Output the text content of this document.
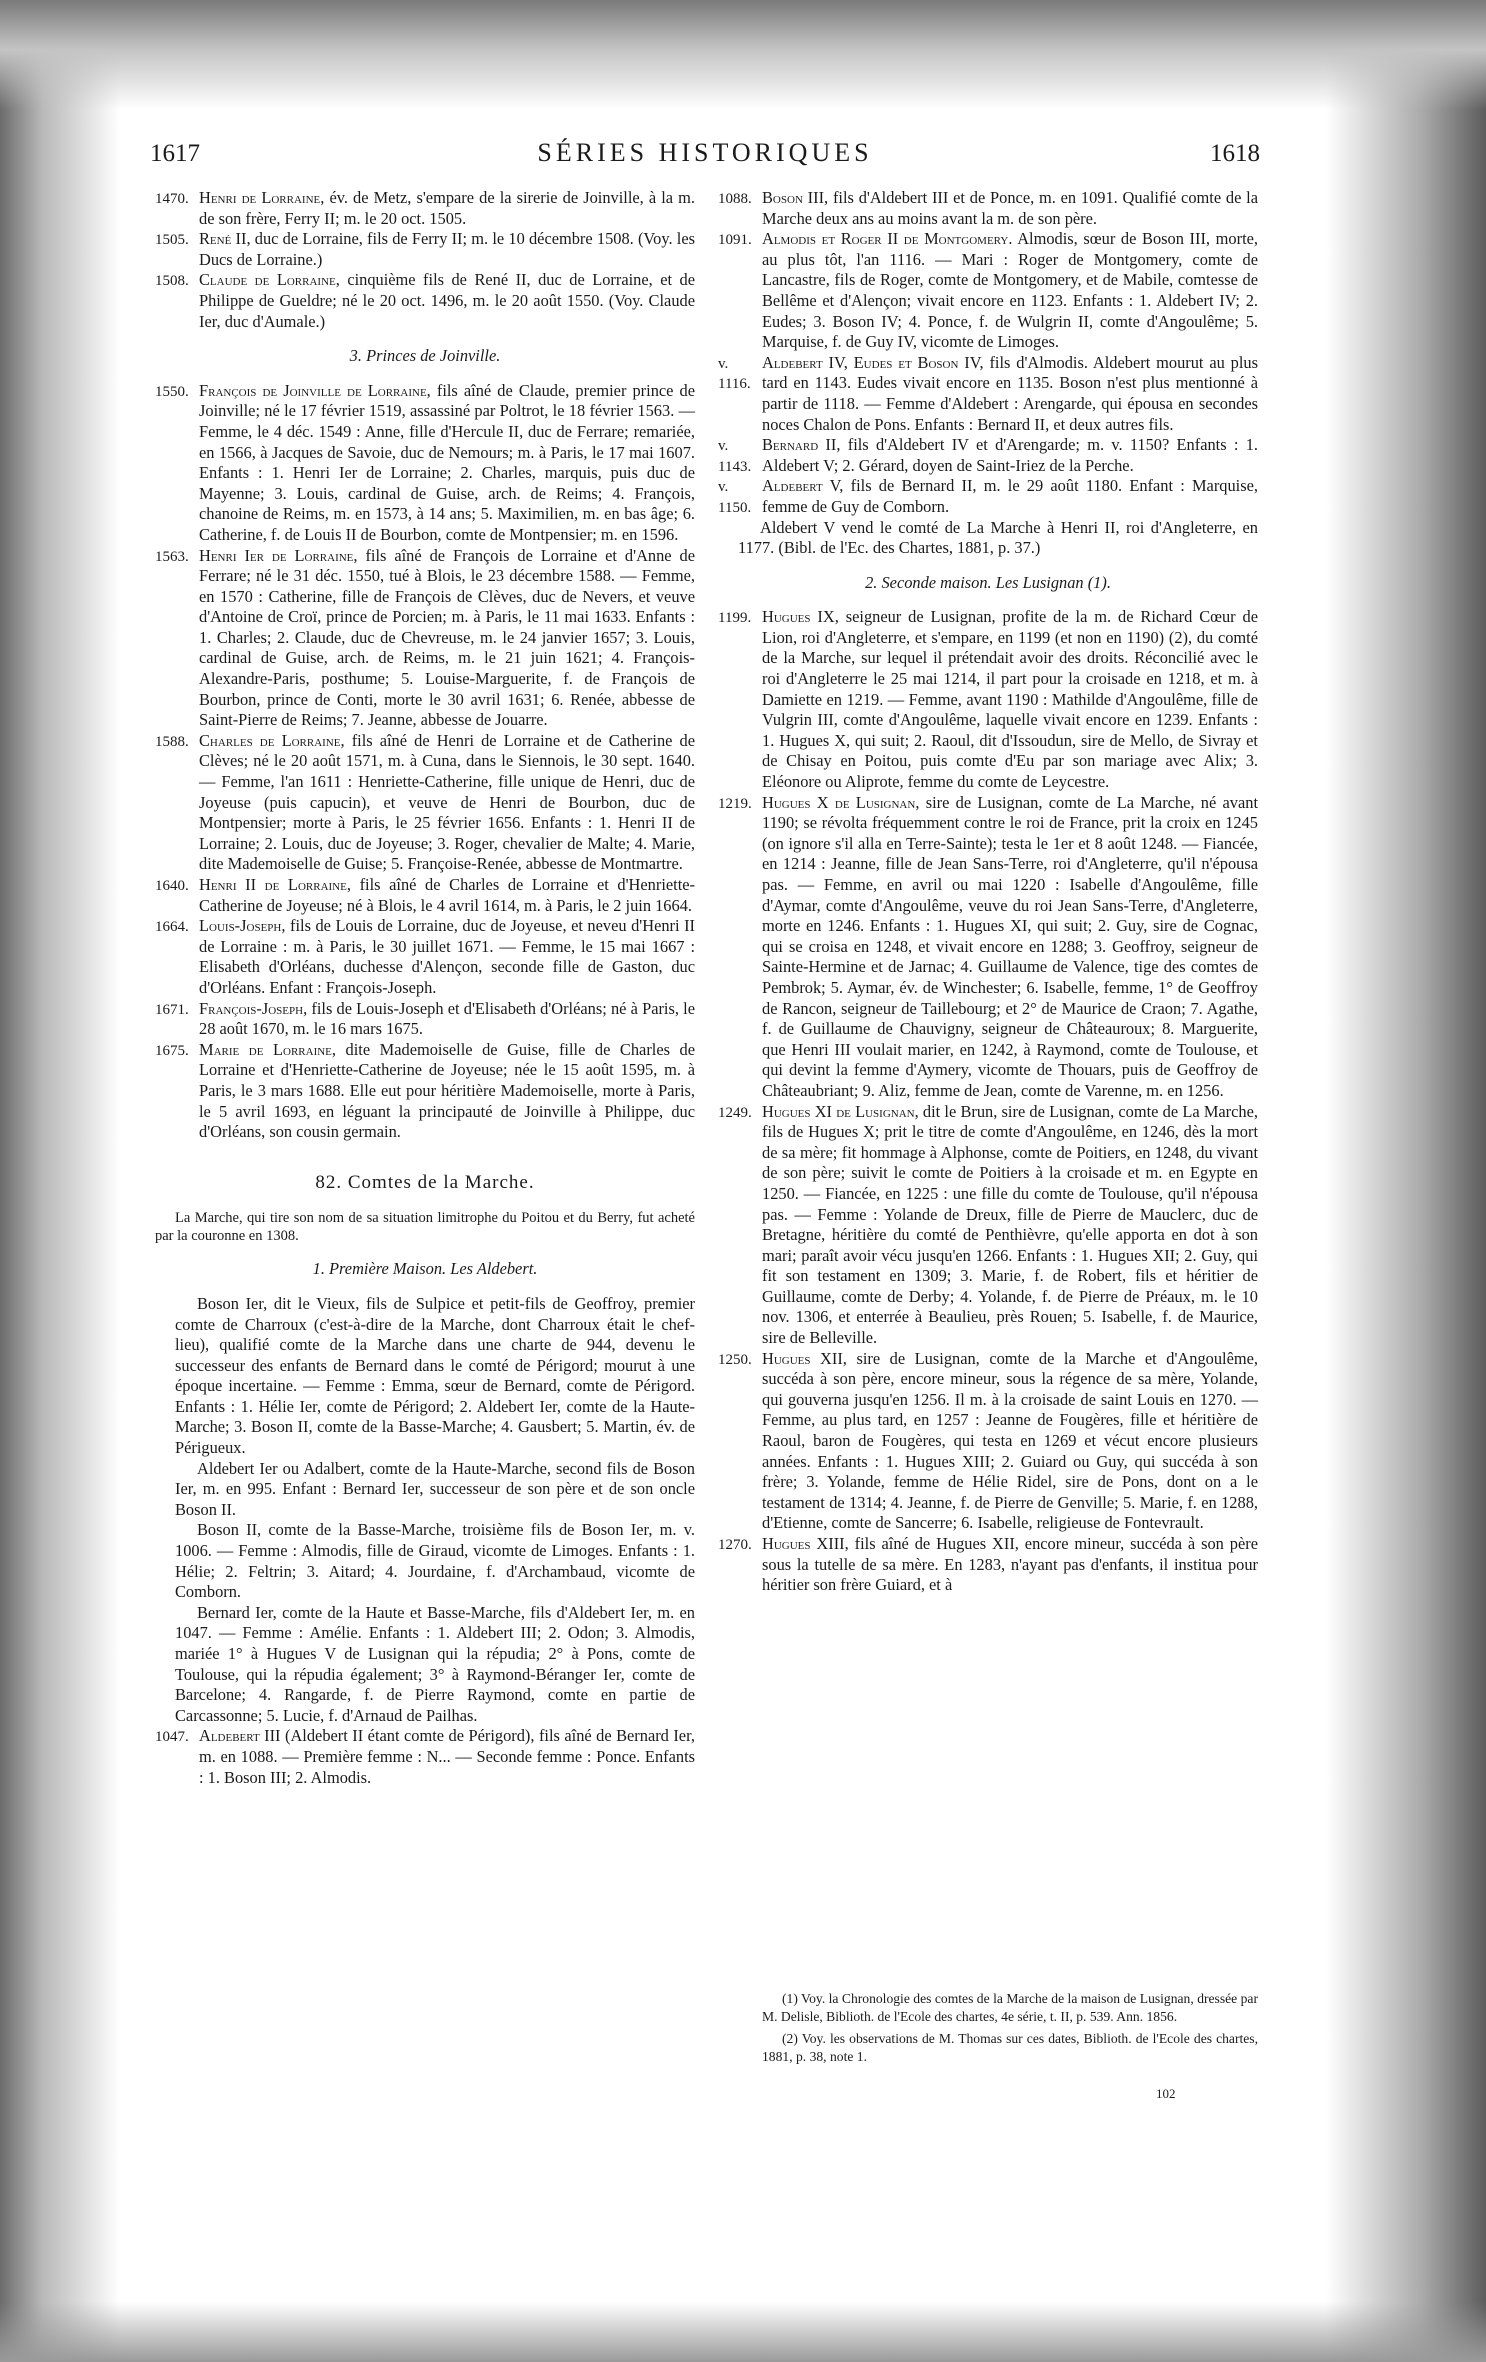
1617	SÉRIES HISTORIQUES	1618
1470. Henri de Lorraine, év. de Metz, s'empare de la sirerie de Joinville, à la m. de son frère, Ferry II; m. le 20 oct. 1505.
1505. René II, duc de Lorraine, fils de Ferry II; m. le 10 décembre 1508. (Voy. les Ducs de Lorraine.)
1508. Claude de Lorraine, cinquième fils de René II, duc de Lorraine, et de Philippe de Gueldre; né le 20 oct. 1496, m. le 20 août 1550. (Voy. Claude Ier, duc d'Aumale.)
3. Princes de Joinville.
1550. François de Joinville de Lorraine, fils aîné de Claude, premier prince de Joinville; né le 17 février 1519, assassiné par Poltrot, le 18 février 1563. — Femme, le 4 déc. 1549 : Anne, fille d'Hercule II, duc de Ferrare; remariée, en 1566, à Jacques de Savoie, duc de Nemours; m. à Paris, le 17 mai 1607. Enfants : 1. Henri Ier de Lorraine; 2. Charles, marquis, puis duc de Mayenne; 3. Louis, cardinal de Guise, arch. de Reims; 4. François, chanoine de Reims, m. en 1573, à 14 ans; 5. Maximilien, m. en bas âge; 6. Catherine, f. de Louis II de Bourbon, comte de Montpensier; m. en 1596.
1563. Henri Ier de Lorraine, fils aîné de François de Lorraine et d'Anne de Ferrare; né le 31 déc. 1550, tué à Blois, le 23 décembre 1588. — Femme, en 1570 : Catherine, fille de François de Clèves, duc de Nevers, et veuve d'Antoine de Croï, prince de Porcien; m. à Paris, le 11 mai 1633. Enfants : 1. Charles; 2. Claude, duc de Chevreuse, m. le 24 janvier 1657; 3. Louis, cardinal de Guise, arch. de Reims, m. le 21 juin 1621; 4. François-Alexandre-Paris, posthume; 5. Louise-Marguerite, f. de François de Bourbon, prince de Conti, morte le 30 avril 1631; 6. Renée, abbesse de Saint-Pierre de Reims; 7. Jeanne, abbesse de Jouarre.
1588. Charles de Lorraine, fils aîné de Henri de Lorraine et de Catherine de Clèves; né le 20 août 1571, m. à Cuna, dans le Siennois, le 30 sept. 1640. — Femme, l'an 1611 : Henriette-Catherine, fille unique de Henri, duc de Joyeuse (puis capucin), et veuve de Henri de Bourbon, duc de Montpensier; morte à Paris, le 25 février 1656. Enfants : 1. Henri II de Lorraine; 2. Louis, duc de Joyeuse; 3. Roger, chevalier de Malte; 4. Marie, dite Mademoiselle de Guise; 5. Françoise-Renée, abbesse de Montmartre.
1640. Henri II de Lorraine, fils aîné de Charles de Lorraine et d'Henriette-Catherine de Joyeuse; né à Blois, le 4 avril 1614, m. à Paris, le 2 juin 1664.
1664. Louis-Joseph, fils de Louis de Lorraine, duc de Joyeuse, et neveu d'Henri II de Lorraine : m. à Paris, le 30 juillet 1671. — Femme, le 15 mai 1667 : Elisabeth d'Orléans, duchesse d'Alençon, seconde fille de Gaston, duc d'Orléans. Enfant : François-Joseph.
1671. François-Joseph, fils de Louis-Joseph et d'Elisabeth d'Orléans; né à Paris, le 28 août 1670, m. le 16 mars 1675.
1675. Marie de Lorraine, dite Mademoiselle de Guise, fille de Charles de Lorraine et d'Henriette-Catherine de Joyeuse; née le 15 août 1595, m. à Paris, le 3 mars 1688. Elle eut pour héritière Mademoiselle, morte à Paris, le 5 avril 1693, en léguant la principauté de Joinville à Philippe, duc d'Orléans, son cousin germain.
82. Comtes de la Marche.
La Marche, qui tire son nom de sa situation limitrophe du Poitou et du Berry, fut acheté par la couronne en 1308.
1. Première Maison. Les Aldebert.

Boson Ier, dit le Vieux, fils de Sulpice et petit-fils de Geoffroy, premier comte de Charroux (c'est-à-dire de la Marche, dont Charroux était le chef-lieu), qualifié comte de la Marche dans une charte de 944, devenu le successeur des enfants de Bernard dans le comté de Périgord; mourut à une époque incertaine. — Femme : Emma, sœur de Bernard, comte de Périgord. Enfants : 1. Hélie Ier, comte de Périgord; 2. Aldebert Ier, comte de la Haute-Marche; 3. Boson II, comte de la Basse-Marche; 4. Gausbert; 5. Martin, év. de Périgueux.

Aldebert Ier ou Adalbert, comte de la Haute-Marche, second fils de Boson Ier, m. en 995. Enfant : Bernard Ier, successeur de son père et de son oncle Boson II.

Boson II, comte de la Basse-Marche, troisième fils de Boson Ier, m. v. 1006. — Femme : Almodis, fille de Giraud, vicomte de Limoges. Enfants : 1. Hélie; 2. Feltrin; 3. Aitard; 4. Jourdaine, f. d'Archambaud, vicomte de Comborn.

Bernard Ier, comte de la Haute et Basse-Marche, fils d'Aldebert Ier, m. en 1047. — Femme : Amélie. Enfants : 1. Aldebert III; 2. Odon; 3. Almodis, mariée 1° à Hugues V de Lusignan qui la répudia; 2° à Pons, comte de Toulouse, qui la répudia également; 3° à Raymond-Béranger Ier, comte de Barcelone; 4. Rangarde, f. de Pierre Raymond, comte en partie de Carcassonne; 5. Lucie, f. d'Arnaud de Pailhas.

1047. Aldebert III (Aldebert II étant comte de Périgord), fils aîné de Bernard Ier, m. en 1088. — Première femme : N... — Seconde femme : Ponce. Enfants : 1. Boson III; 2. Almodis.
1088. Boson III, fils d'Aldebert III et de Ponce, m. en 1091. Qualifié comte de la Marche deux ans au moins avant la m. de son père.
1091. Almodis et Roger II de Montgomery. Almodis, sœur de Boson III, morte, au plus tôt, l'an 1116. — Mari : Roger de Montgomery, comte de Lancastre, fils de Roger, comte de Montgomery, et de Mabile, comtesse de Bellême et d'Alençon; vivait encore en 1123. Enfants : 1. Aldebert IV; 2. Eudes; 3. Boson IV; 4. Ponce, f. de Wulgrin II, comte d'Angoulême; 5. Marquise, f. de Guy IV, vicomte de Limoges.
v. 1116.
Aldebert IV, Eudes et Boson IV, fils d'Almodis. Aldebert mourut au plus tard en 1143. Eudes vivait encore en 1135. Boson n'est plus mentionné à partir de 1118. — Femme d'Aldebert : Arengarde, qui épousa en secondes noces Chalon de Pons. Enfants : Bernard II, et deux autres fils.
v. 1143.
Bernard II, fils d'Aldebert IV et d'Arengarde; m. v. 1150? Enfants : 1. Aldebert V; 2. Gérard, doyen de Saint-Iriez de la Perche.
v. 1150.
Aldebert V, fils de Bernard II, m. le 29 août 1180. Enfant : Marquise, femme de Guy de Comborn.

Aldebert V vend le comté de La Marche à Henri II, roi d'Angleterre, en 1177. (Bibl. de l'Ec. des Chartes, 1881, p. 37.)

2. Seconde maison. Les Lusignan (1).
1199. Hugues IX, seigneur de Lusignan, profite de la m. de Richard Cœur de Lion, roi d'Angleterre, et s'empare, en 1199 (et non en 1190) (2), du comté de la Marche, sur lequel il prétendait avoir des droits. Réconcilié avec le roi d'Angleterre le 25 mai 1214, il part pour la croisade en 1218, et m. à Damiette en 1219. — Femme, avant 1190 : Mathilde d'Angoulême, fille de Vulgrin III, comte d'Angoulême, laquelle vivait encore en 1239. Enfants : 1. Hugues X, qui suit; 2. Raoul, dit d'Issoudun, sire de Mello, de Sivray et de Chisay en Poitou, puis comte d'Eu par son mariage avec Alix; 3. Eléonore ou Aliprote, femme du comte de Leycestre.
1219. Hugues X de Lusignan, sire de Lusignan, comte de La Marche, né avant 1190; se révolta fréquemment contre le roi de France, prit la croix en 1245 (on ignore s'il alla en Terre-Sainte); testa le 1er et 8 août 1248. — Fiancée, en 1214 : Jeanne, fille de Jean Sans-Terre, roi d'Angleterre, qu'il n'épousa pas. — Femme, en avril ou mai 1220 : Isabelle d'Angoulême, fille d'Aymar, comte d'Angoulême, veuve du roi Jean Sans-Terre, d'Angleterre, morte en 1246. Enfants : 1. Hugues XI, qui suit; 2. Guy, sire de Cognac, qui se croisa en 1248, et vivait encore en 1288; 3. Geoffroy, seigneur de Sainte-Hermine et de Jarnac; 4. Guillaume de Valence, tige des comtes de Pembrok; 5. Aymar, év. de Winchester; 6. Isabelle, femme, 1° de Geoffroy de Rancon, seigneur de Taillebourg; et 2° de Maurice de Craon; 7. Agathe, f. de Guillaume de Chauvigny, seigneur de Châteauroux; 8. Marguerite, que Henri III voulait marier, en 1242, à Raymond, comte de Toulouse, et qui devint la femme d'Aymery, vicomte de Thouars, puis de Geoffroy de Châteaubriant; 9. Aliz, femme de Jean, comte de Varenne, m. en 1256.
1249. Hugues XI de Lusignan, dit le Brun, sire de Lusignan, comte de La Marche, fils de Hugues X; prit le titre de comte d'Angoulême, en 1246, dès la mort de sa mère; fit hommage à Alphonse, comte de Poitiers, en 1248, du vivant de son père; suivit le comte de Poitiers à la croisade et m. en Egypte en 1250. — Fiancée, en 1225 : une fille du comte de Toulouse, qu'il n'épousa pas. — Femme : Yolande de Dreux, fille de Pierre de Mauclerc, duc de Bretagne, héritière du comté de Penthièvre, qu'elle apporta en dot à son mari; paraît avoir vécu jusqu'en 1266. Enfants : 1. Hugues XII; 2. Guy, qui fit son testament en 1309; 3. Marie, f. de Robert, fils et héritier de Guillaume, comte de Derby; 4. Yolande, f. de Pierre de Préaux, m. le 10 nov. 1306, et enterrée à Beaulieu, près Rouen; 5. Isabelle, f. de Maurice, sire de Belleville.
1250. Hugues XII, sire de Lusignan, comte de la Marche et d'Angoulême, succéda à son père, encore mineur, sous la régence de sa mère, Yolande, qui gouverna jusqu'en 1256. Il m. à la croisade de saint Louis en 1270. — Femme, au plus tard, en 1257 : Jeanne de Fougères, fille et héritière de Raoul, baron de Fougères, qui testa en 1269 et vécut encore plusieurs années. Enfants : 1. Hugues XIII; 2. Guiard ou Guy, qui succéda à son frère; 3. Yolande, femme de Hélie Ridel, sire de Pons, dont on a le testament de 1314; 4. Jeanne, f. de Pierre de Genville; 5. Marie, f. en 1288, d'Etienne, comte de Sancerre; 6. Isabelle, religieuse de Fontevrault.
1270. Hugues XIII, fils aîné de Hugues XII, encore mineur, succéda à son père sous la tutelle de sa mère. En 1283, n'ayant pas d'enfants, il institua pour héritier son frère Guiard, et à

(1) Voy. la Chronologie des comtes de la Marche de la maison de Lusignan, dressée par M. Delisle, Biblioth. de l'Ecole des chartes, 4e série, t. II, p. 539. Ann. 1856.

(2) Voy. les observations de M. Thomas sur ces dates, Biblioth. de l'Ecole des chartes, 1881, p. 38, note 1.

102
